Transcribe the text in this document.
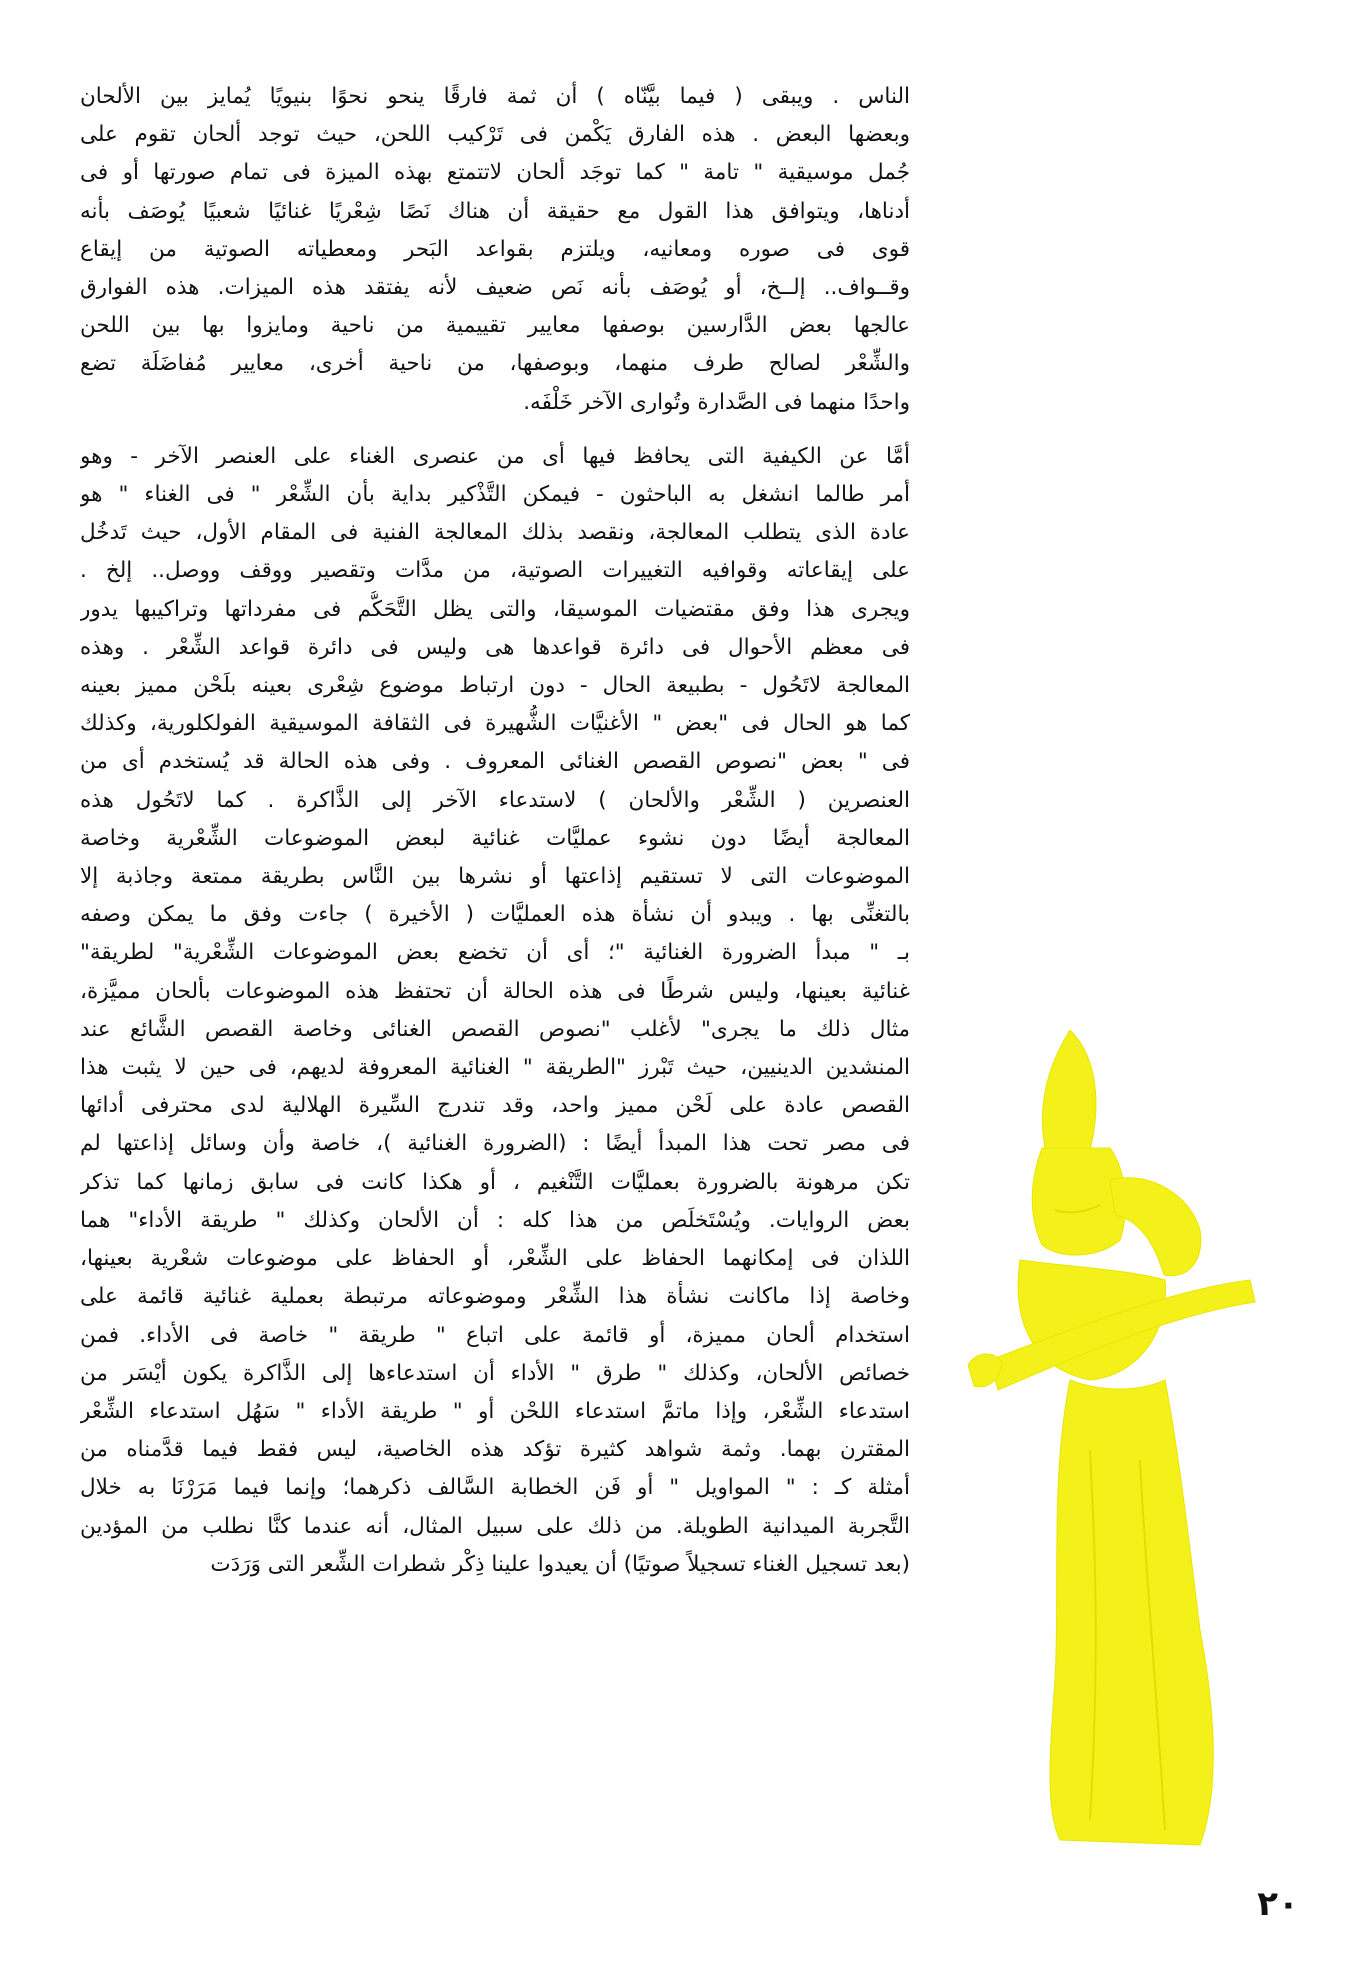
الناس . ويبقى ( فيما بيَّنّاه ) أن ثمة فارقًا ينحو نحوًا بنيويًا يُمايز بين الألحان
وبعضها البعض . هذه الفارق يَكْمن فى تَرْكيب اللحن، حيث توجد ألحان تقوم على
جُمل موسيقية " تامة " كما توجَد ألحان لاتتمتع بهذه الميزة فى تمام صورتها أو فى
أدناها، ويتوافق هذا القول مع حقيقة أن هناك نَصًا شِعْريًا غنائيًا شعبيًا يُوصَف بأنه
قوى فى صوره ومعانيه، ويلتزم بقواعد البَحر ومعطياته الصوتية من إيقاع
وقــواف.. إلــخ، أو يُوصَف بأنه نَص ضعيف لأنه يفتقد هذه الميزات. هذه الفوارق
عالجها بعض الدَّارسين بوصفها معايير تقييمية من ناحية ومايزوا بها بين اللحن
والشِّعْر لصالح طرف منهما، وبوصفها، من ناحية أخرى، معايير مُفاضَلَة تضع
واحدًا منهما فى الصَّدارة وتُوارى الآخر خَلْفَه.

أمَّا عن الكيفية التى يحافظ فيها أى من عنصرى الغناء على العنصر الآخر - وهو
أمر طالما انشغل به الباحثون - فيمكن التَّذْكير بداية بأن الشِّعْر " فى الغناء " هو
عادة الذى يتطلب المعالجة، ونقصد بذلك المعالجة الفنية فى المقام الأول، حيث تَدخُل
على إيقاعاته وقوافيه التغييرات الصوتية، من مدَّات وتقصير ووقف ووصل.. إلخ .
ويجرى هذا وفق مقتضيات الموسيقا، والتى يظل التَّحَكُّم فى مفرداتها وتراكيبها يدور
فى معظم الأحوال فى دائرة قواعدها هى وليس فى دائرة قواعد الشِّعْر . وهذه
المعالجة لاتَحُول - بطبيعة الحال - دون ارتباط موضوع شِعْرى بعينه بلَحْن مميز بعينه
كما هو الحال فى "بعض " الأغنيَّات الشُّهيرة فى الثقافة الموسيقية الفولكلورية، وكذلك
فى " بعض "نصوص القصص الغنائى المعروف . وفى هذه الحالة قد يُستخدم أى من
العنصرين ( الشِّعْر والألحان ) لاستدعاء الآخر إلى الذَّاكرة . كما لاتَحُول هذه
المعالجة أيضًا دون نشوء عمليَّات غنائية لبعض الموضوعات الشِّعْرية وخاصة
الموضوعات التى لا تستقيم إذاعتها أو نشرها بين النَّاس بطريقة ممتعة وجاذبة إلا
بالتغنِّى بها . ويبدو أن نشأة هذه العمليَّات ( الأخيرة ) جاءت وفق ما يمكن وصفه
بـ " مبدأ الضرورة الغنائية "؛ أى أن تخضع بعض الموضوعات الشِّعْرية" لطريقة"
غنائية بعينها، وليس شرطًا فى هذه الحالة أن تحتفظ هذه الموضوعات بألحان مميَّزة،
مثال ذلك ما يجرى" لأغلب "نصوص القصص الغنائى وخاصة القصص الشَّائع عند
المنشدين الدينيين، حيث تَبْرز "الطريقة " الغنائية المعروفة لديهم، فى حين لا يثبت هذا
القصص عادة على لَحْن مميز واحد، وقد تندرج السِّيرة الهلالية لدى محترفى أدائها
فى مصر تحت هذا المبدأ أيضًا : (الضرورة الغنائية )، خاصة وأن وسائل إذاعتها لم
تكن مرهونة بالضرورة بعمليَّات التَّنْغيم ، أو هكذا كانت فى سابق زمانها كما تذكر
بعض الروايات. ويُسْتَخلَص من هذا كله : أن الألحان وكذلك " طريقة الأداء" هما
اللذان فى إمكانهما الحفاظ على الشِّعْر، أو الحفاظ على موضوعات شعْرية بعينها،
وخاصة إذا ماكانت نشأة هذا الشِّعْر وموضوعاته مرتبطة بعملية غنائية قائمة على
استخدام ألحان مميزة، أو قائمة على اتباع " طريقة " خاصة فى الأداء. فمن
خصائص الألحان، وكذلك " طرق " الأداء أن استدعاءها إلى الذَّاكرة يكون أيْسَر من
استدعاء الشِّعْر، وإذا ماتمَّ استدعاء اللحْن أو " طريقة الأداء " سَهُل استدعاء الشِّعْر
المقترن بهما. وثمة شواهد كثيرة تؤكد هذه الخاصية، ليس فقط فيما قدَّمناه من
أمثلة كـ : " المواويل " أو فَن الخطابة السَّالف ذكرهما؛ وإنما فيما مَرَرْنَا به خلال
التَّجربة الميدانية الطويلة. من ذلك على سبيل المثال، أنه عندما كنَّا نطلب من المؤدين
(بعد تسجيل الغناء تسجيلاً صوتيًا) أن يعيدوا علينا ذِكْر شطرات الشِّعر التى وَرَدَت

٢٠
